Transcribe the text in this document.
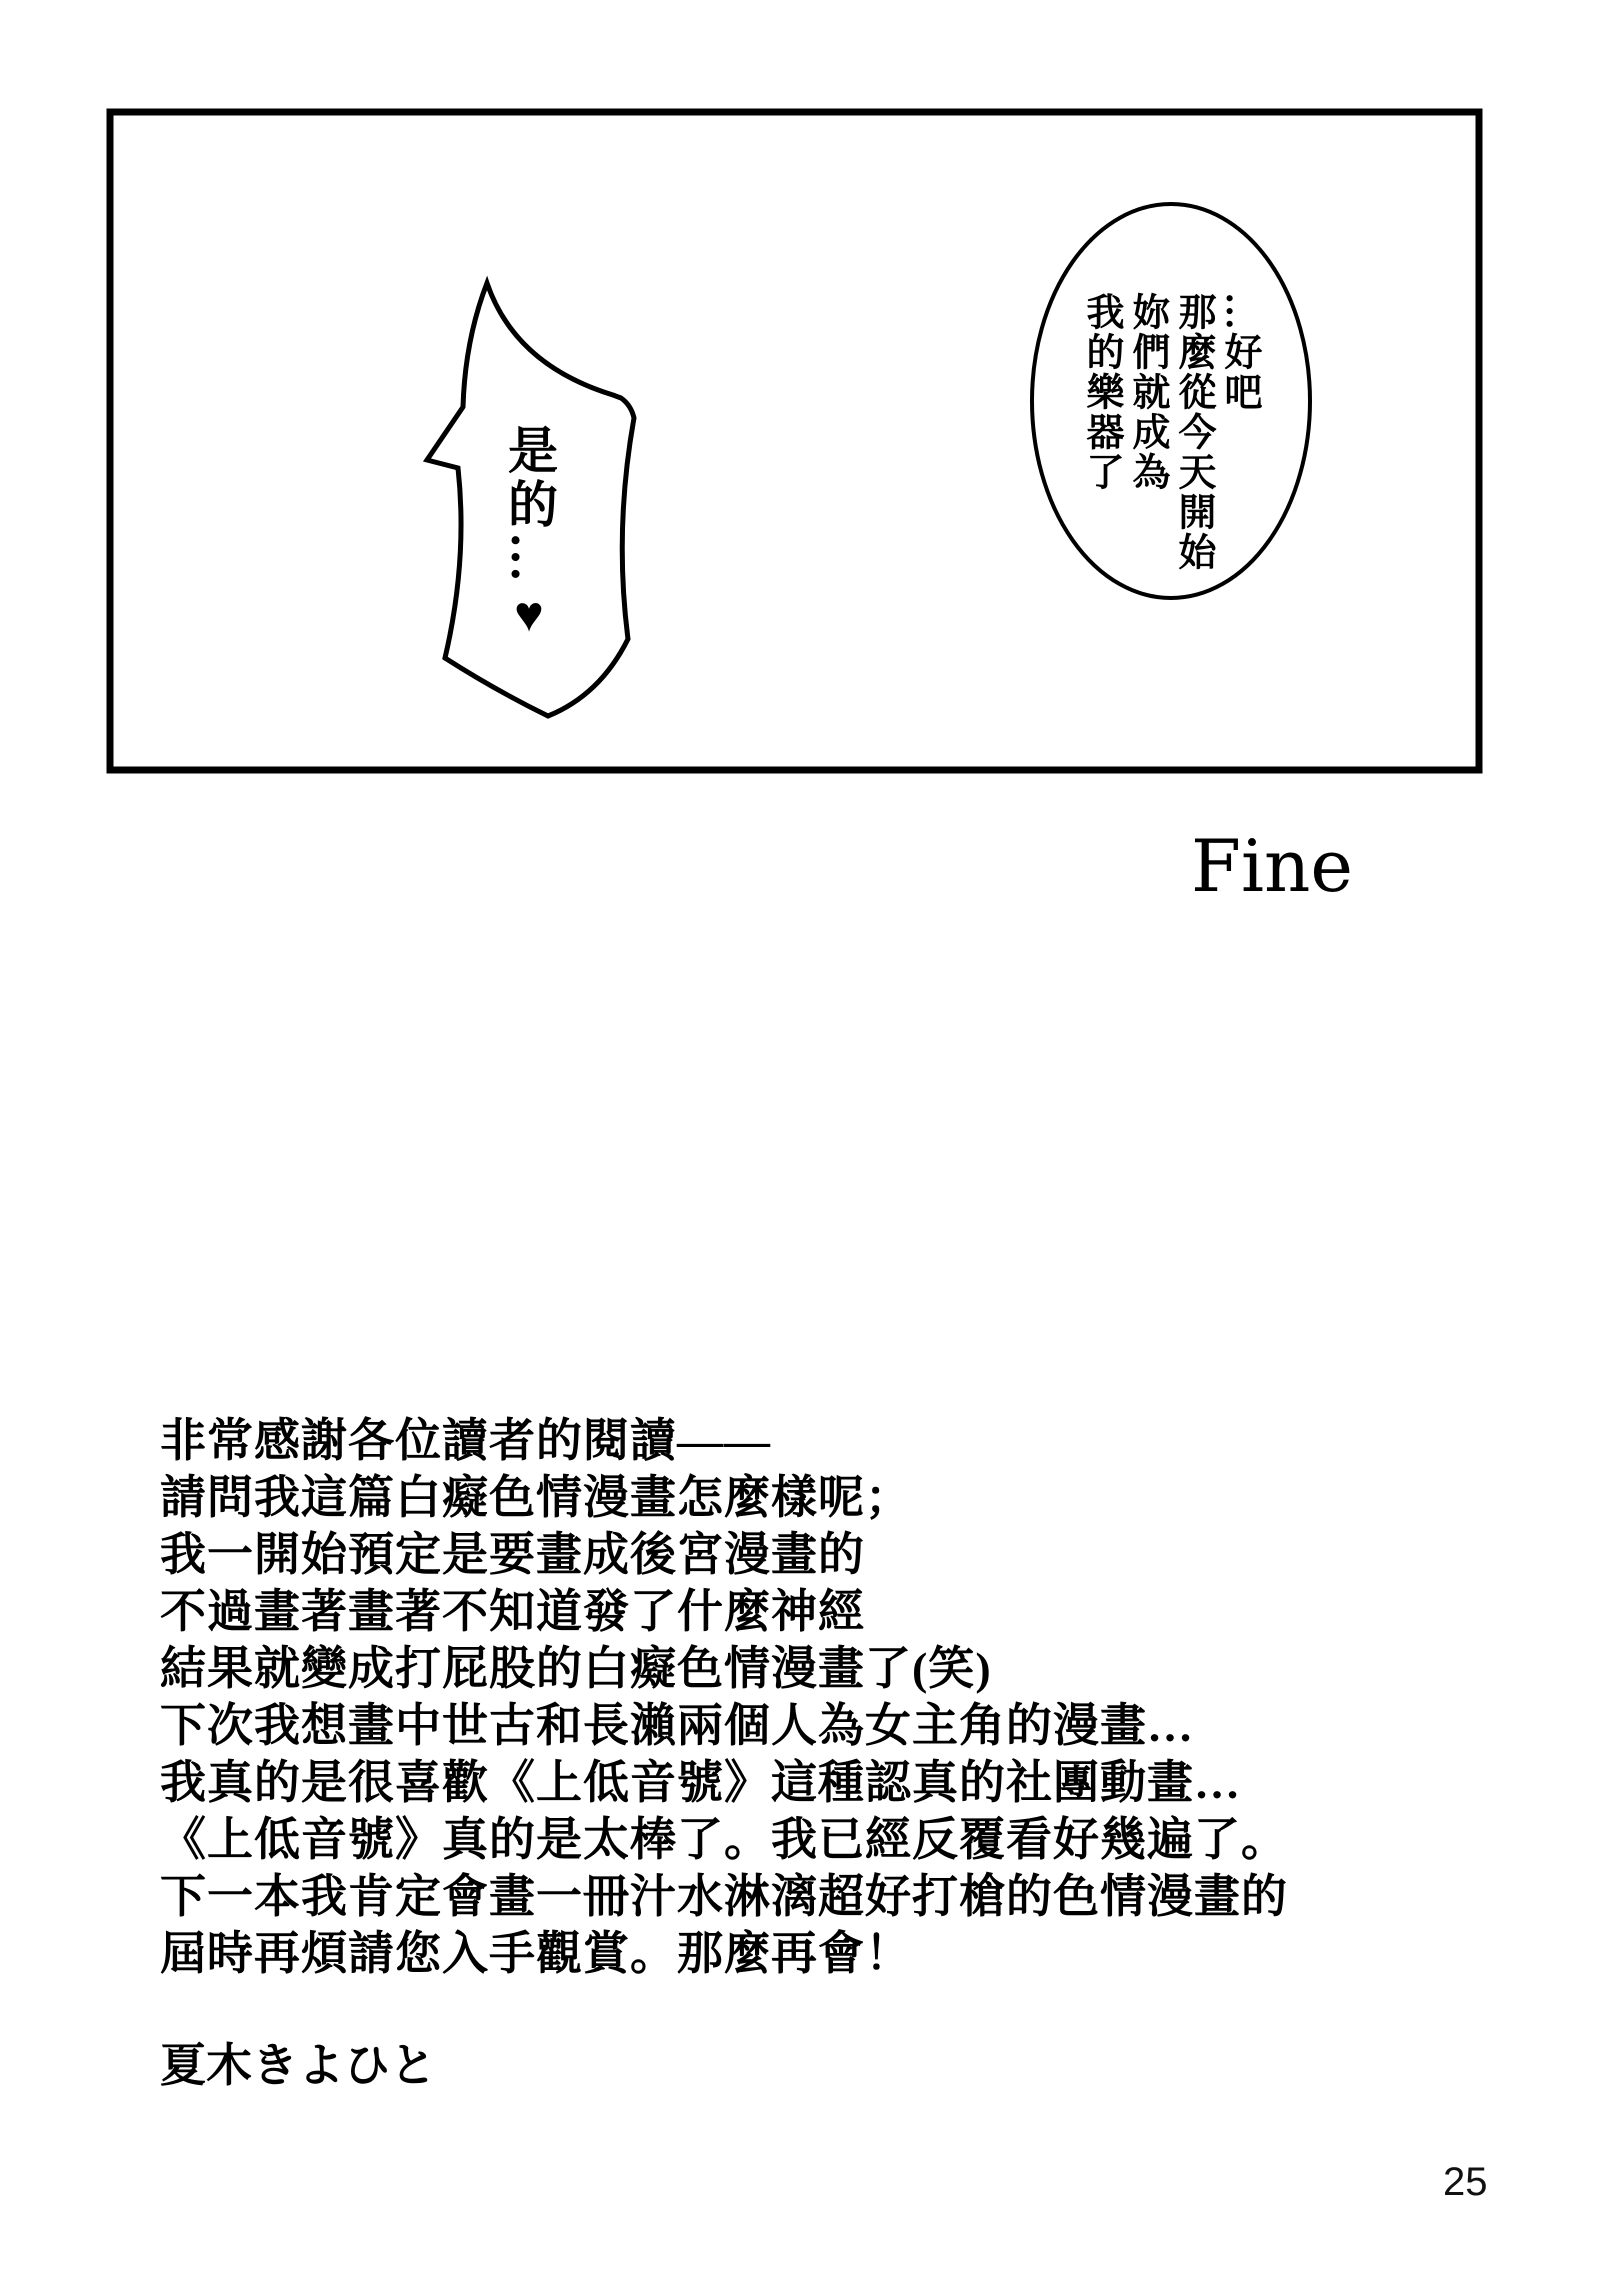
…好吧
那麼從今天開始
妳們就成為
我的樂器了
是的…♥
Fine
非常感謝各位讀者的閱讀——
請問我這篇白癡色情漫畫怎麼樣呢；
我一開始預定是要畫成後宮漫畫的
不過畫著畫著不知道發了什麼神經
結果就變成打屁股的白癡色情漫畫了(笑)
下次我想畫中世古和長瀨兩個人為女主角的漫畫…
我真的是很喜歡《上低音號》這種認真的社團動畫…
《上低音號》真的是太棒了。我已經反覆看好幾遍了。
下一本我肯定會畫一冊汁水淋漓超好打槍的色情漫畫的
屆時再煩請您入手觀賞。那麼再會！
夏木きよひと
25
